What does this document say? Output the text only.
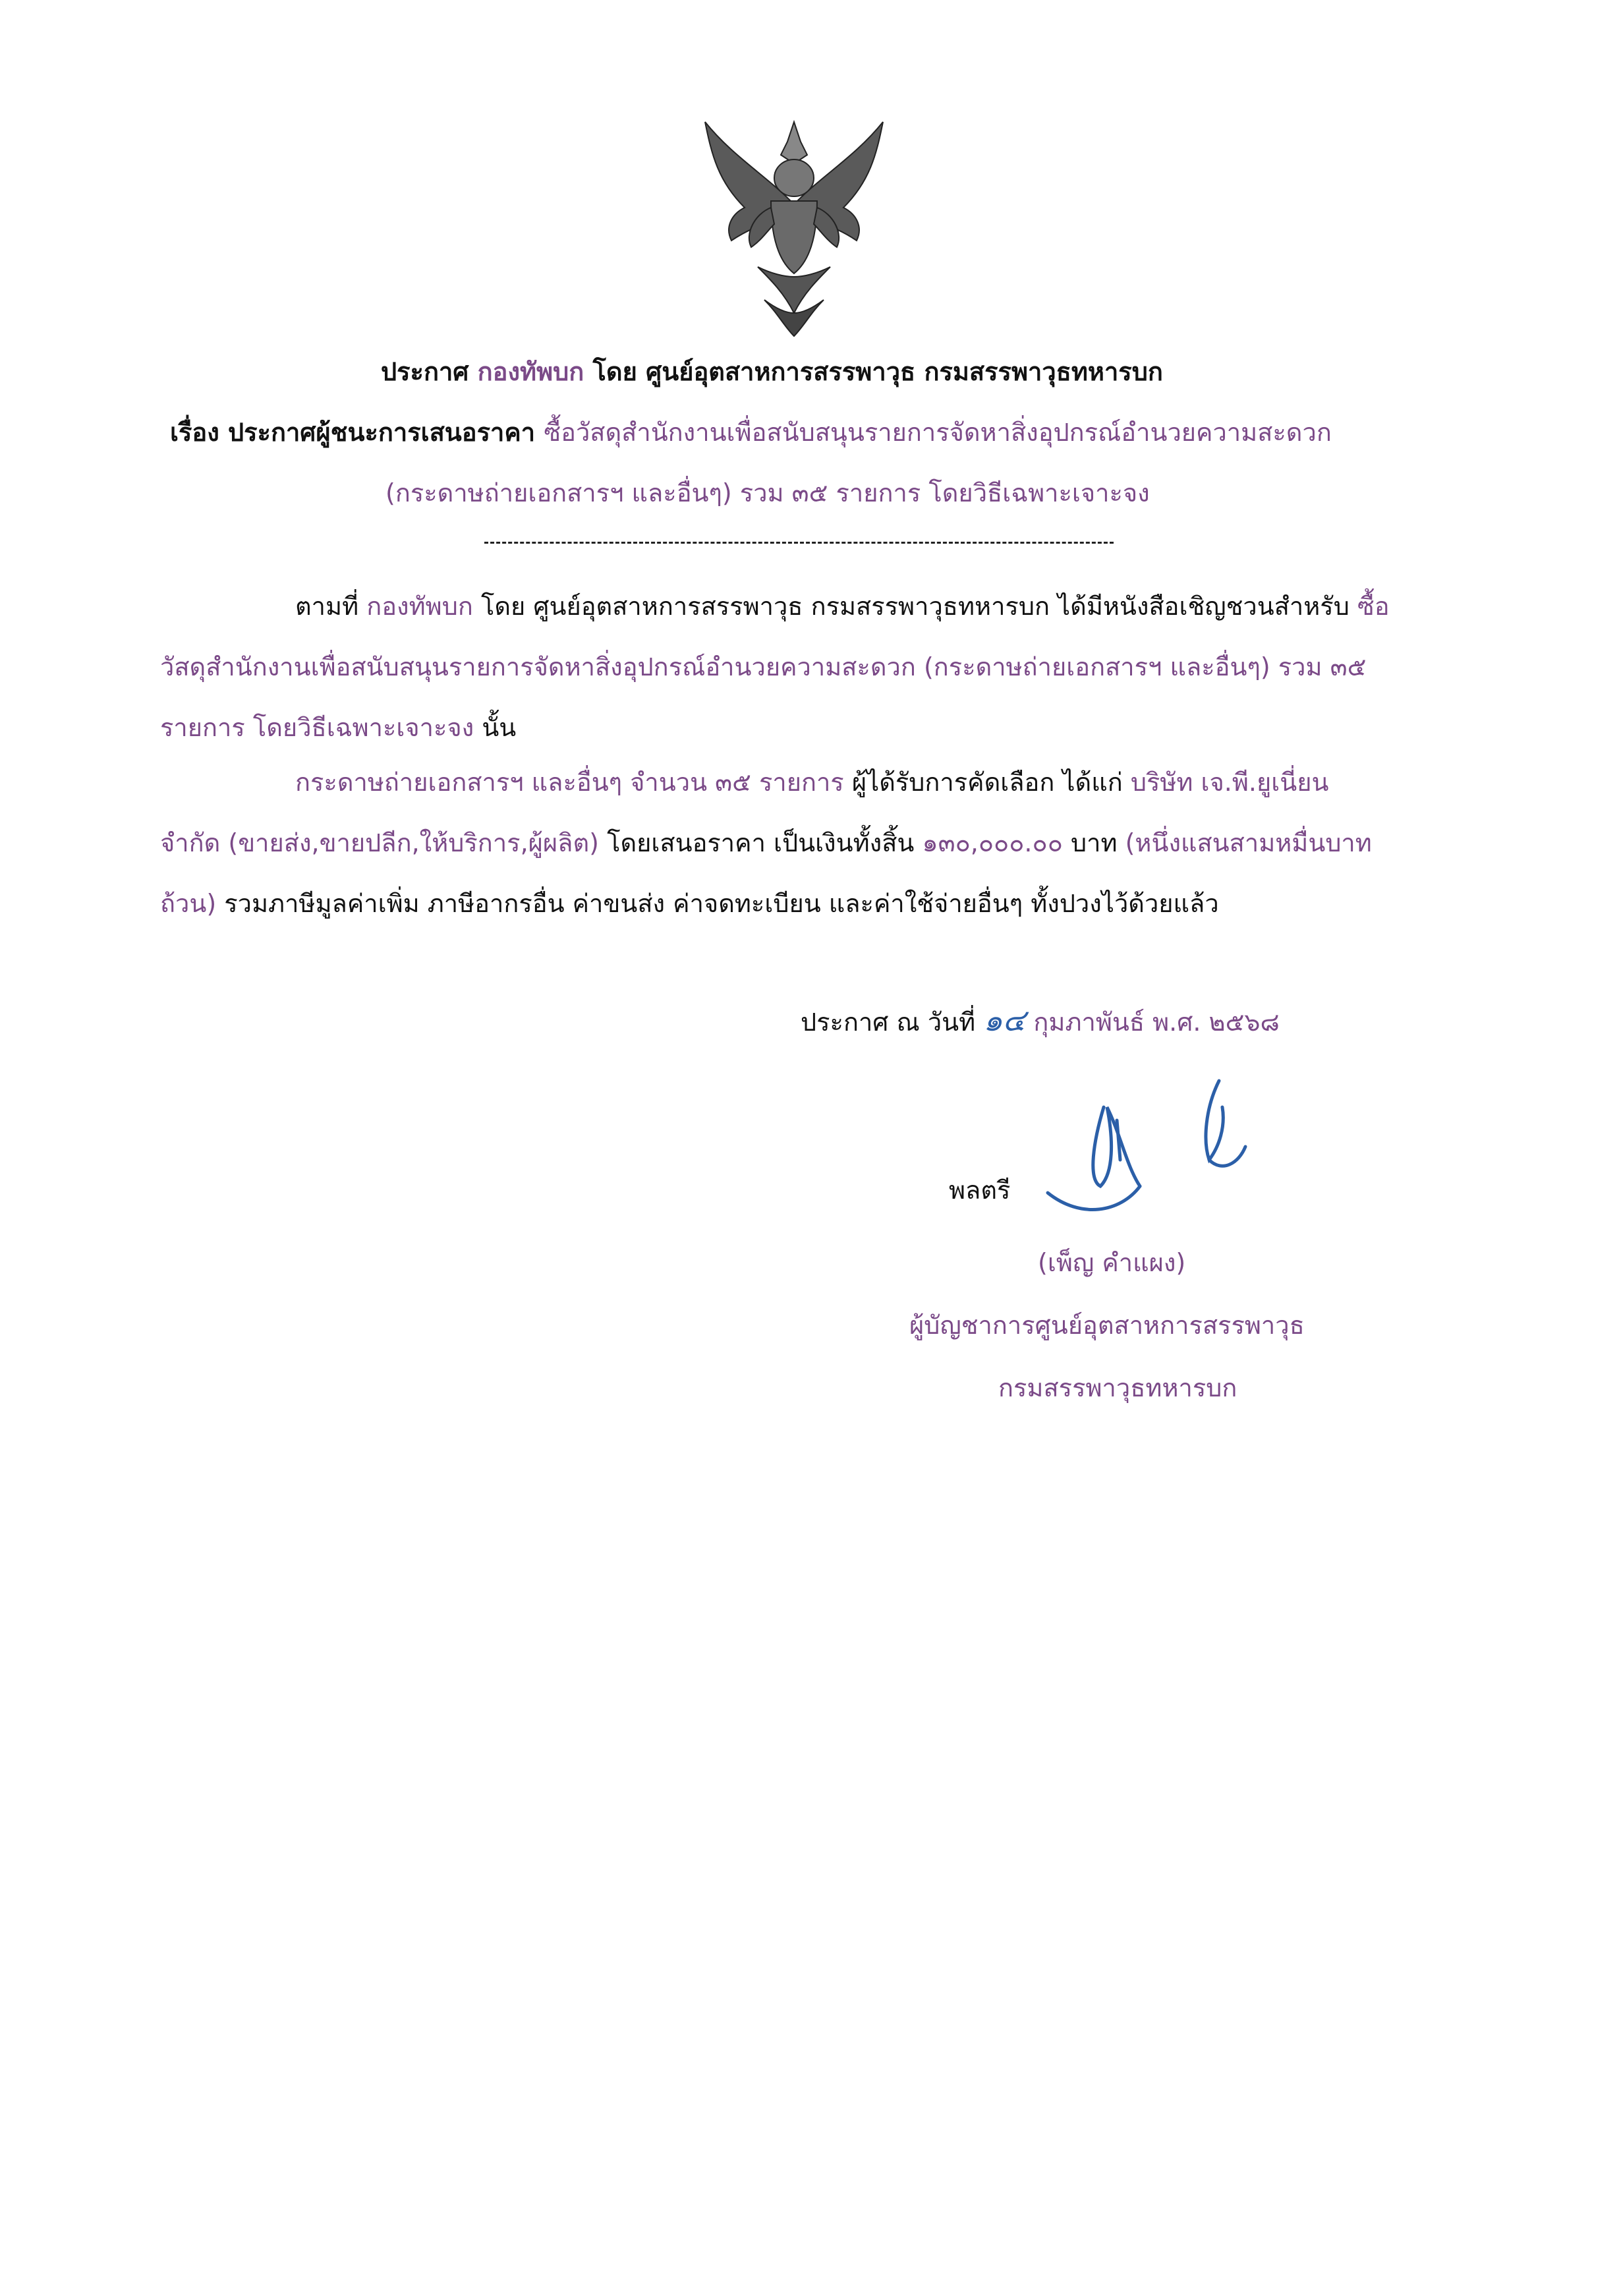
ประกาศ กองทัพบก โดย ศูนย์อุตสาหการสรรพาวุธ กรมสรรพาวุธทหารบก
เรื่อง ประกาศผู้ชนะการเสนอราคา ซื้อวัสดุสำนักงานเพื่อสนับสนุนรายการจัดหาสิ่งอุปกรณ์อำนวยความสะดวก
(กระดาษถ่ายเอกสารฯ และอื่นๆ) รวม ๓๕ รายการ โดยวิธีเฉพาะเจาะจง
ตามที่ กองทัพบก โดย ศูนย์อุตสาหการสรรพาวุธ กรมสรรพาวุธทหารบก ได้มีหนังสือเชิญชวนสำหรับ ซื้อ
วัสดุสำนักงานเพื่อสนับสนุนรายการจัดหาสิ่งอุปกรณ์อำนวยความสะดวก (กระดาษถ่ายเอกสารฯ และอื่นๆ) รวม ๓๕
รายการ โดยวิธีเฉพาะเจาะจง นั้น
กระดาษถ่ายเอกสารฯ และอื่นๆ จำนวน ๓๕ รายการ ผู้ได้รับการคัดเลือก ได้แก่ บริษัท เจ.พี.ยูเนี่ยน
จำกัด (ขายส่ง,ขายปลีก,ให้บริการ,ผู้ผลิต) โดยเสนอราคา เป็นเงินทั้งสิ้น ๑๓๐,๐๐๐.๐๐ บาท (หนึ่งแสนสามหมื่นบาท
ถ้วน) รวมภาษีมูลค่าเพิ่ม ภาษีอากรอื่น ค่าขนส่ง ค่าจดทะเบียน และค่าใช้จ่ายอื่นๆ ทั้งปวงไว้ด้วยแล้ว
ประกาศ ณ วันที่ ๑๔ กุมภาพันธ์ พ.ศ. ๒๕๖๘
พลตรี
(เพ็ญ คำแผง)
ผู้บัญชาการศูนย์อุตสาหการสรรพาวุธ
กรมสรรพาวุธทหารบก
